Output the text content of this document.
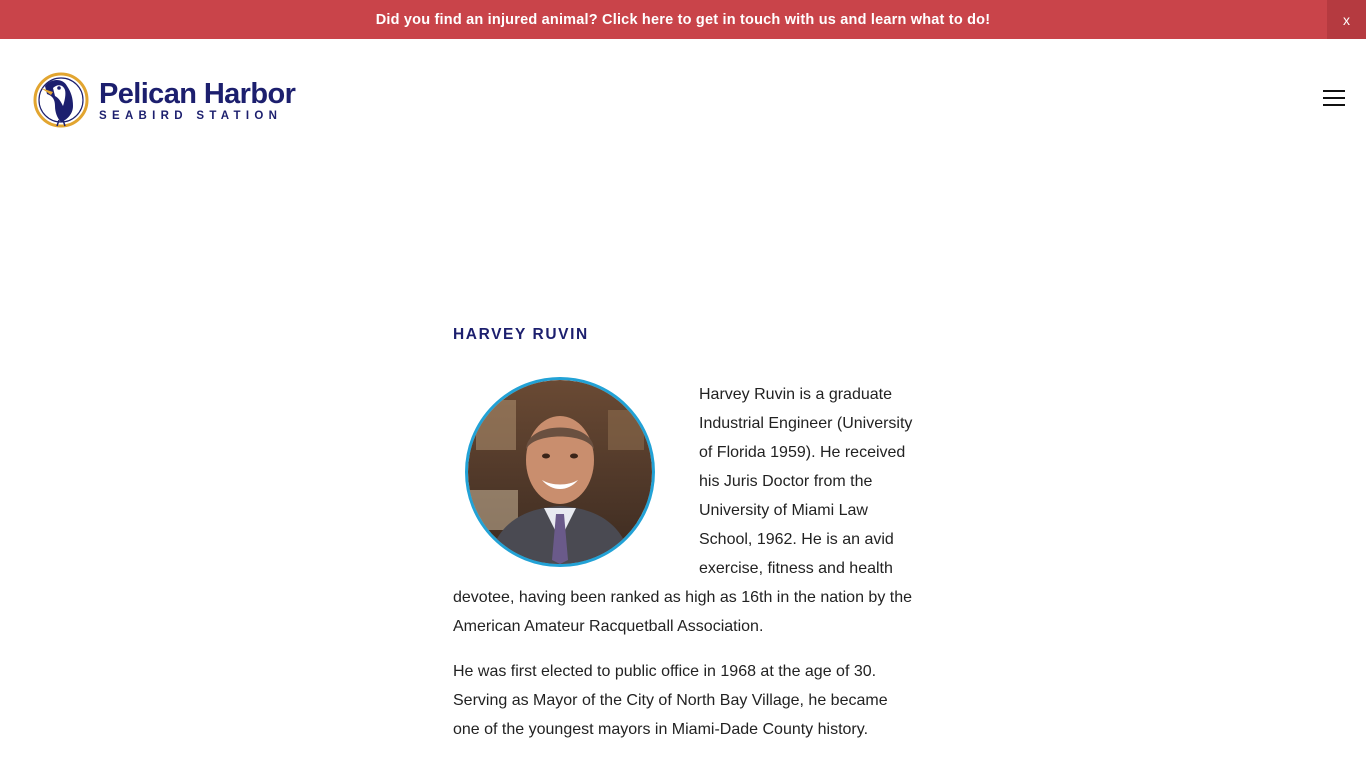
Did you find an injured animal? Click here to get in touch with us and learn what to do!	x
Pelican Harbor
SEABIRD STATION
HARVEY RUVIN

Harvey Ruvin is a graduate Industrial Engineer (University of Florida 1959). He received his Juris Doctor from the University of Miami Law School, 1962. He is an avid exercise, fitness and health devotee, having been ranked as high as 16th in the nation by the American Amateur Racquetball Association.

He was first elected to public office in 1968 at the age of 30. Serving as Mayor of the City of North Bay Village, he became one of the youngest mayors in Miami-Dade County history.
